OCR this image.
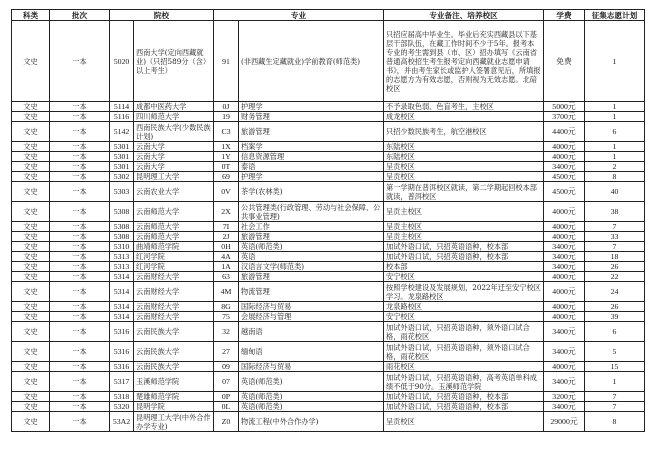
科类	批次	院校		专业		专业备注、培养校区	学费	征集志愿计划
文史	一本	5020	西南大学(定向西藏就业)（只招589分（含）以上考生）	91	(非西藏生定藏就业)学前教育(师范类)	只招应届高中毕业生。毕业后充实西藏县以下基层干部队伍，在藏工作时间不少于5年。报考本专业的考生需到县（市、区）招办填写《云南省普通高校招生考生报考定向西藏就业志愿申请书》，并由考生家长或监护人签署意见后，所填报的志愿方为有效志愿，否则视为无效志愿。北碚校区	免费	1
文史	一本	5114	成都中医药大学	0J	护理学	不予录取色弱、色盲考生，主校区	5000元	1
文史	一本	5116	四川师范大学	19	财务管理	成龙校区	3700元	1
文史	一本	5142	西南民族大学(少数民族计划)	C3	旅游管理	只招少数民族考生，航空港校区	4400元	6
文史	一本	5301	云南大学	1X	档案学	东陆校区	4000元	1
文史	一本	5301	云南大学	1Y	信息资源管理	东陆校区	4000元	1
文史	一本	5301	云南大学	0T	泰语	呈贡校区	3400元	2
文史	一本	5302	昆明理工大学	69	护理学	呈贡校区	4500元	8
文史	一本	5303	云南农业大学	0V	茶学(农林类)	第一学期在普洱校区就读，第二学期起回校本部就读，普洱校区	4500元	40
文史	一本	5308	云南师范大学	2X	公共管理类(行政管理、劳动与社会保障、公共事业管理)	呈贡主校区	4000元	38
文史	一本	5308	云南师范大学	7I	社会工作	呈贡主校区	4000元	7
文史	一本	5308	云南师范大学	2J	旅游管理	呈贡主校区	4000元	33
文史	一本	5310	曲靖师范学院	0H	英语(师范类)	加试外语口试，只招英语语种，校本部	3400元	7
文史	一本	5313	红河学院	4A	英语	加试外语口试，只招英语语种，校本部	3400元	18
文史	一本	5313	红河学院	1A	汉语言文学(师范类)	校本部	3400元	26
文史	一本	5314	云南财经大学	63	旅游管理	安宁校区	4000元	22
文史	一本	5314	云南财经大学	4M	物流管理	按照学校建设及发展规划，2022年迁至安宁校区学习。龙泉路校区	4000元	24
文史	一本	5314	云南财经大学	8G	国际经济与贸易	龙泉路校区	4000元	26
文史	一本	5314	云南财经大学	75	会展经济与管理	安宁校区	4000元	39
文史	一本	5316	云南民族大学	32	越南语	加试外语口试，只招英语语种，须外语口试合格，雨花校区	3400元	6
文史	一本	5316	云南民族大学	27	缅甸语	加试外语口试，只招英语语种，须外语口试合格，雨花校区	3400元	5
文史	一本	5316	云南民族大学	09	国际经济与贸易	雨花校区	4000元	15
文史	一本	5317	玉溪师范学院	07	英语(师范类)	加试外语口试，只招英语语种，高考英语单科成绩不低于90分。玉溪师范学院	3400元	1
文史	一本	5318	楚雄师范学院	0P	英语(师范类)	加试外语口试，只招英语语种，校本部	3200元	7
文史	一本	5320	昆明学院	0L	英语(师范类)	加试外语口试，只招英语语种，校本部	3400元	7
文史	一本	53A2	昆明理工大学(中外合作办学专业)	Z0	物流工程(中外合作办学)	呈贡校区	29000元	8
